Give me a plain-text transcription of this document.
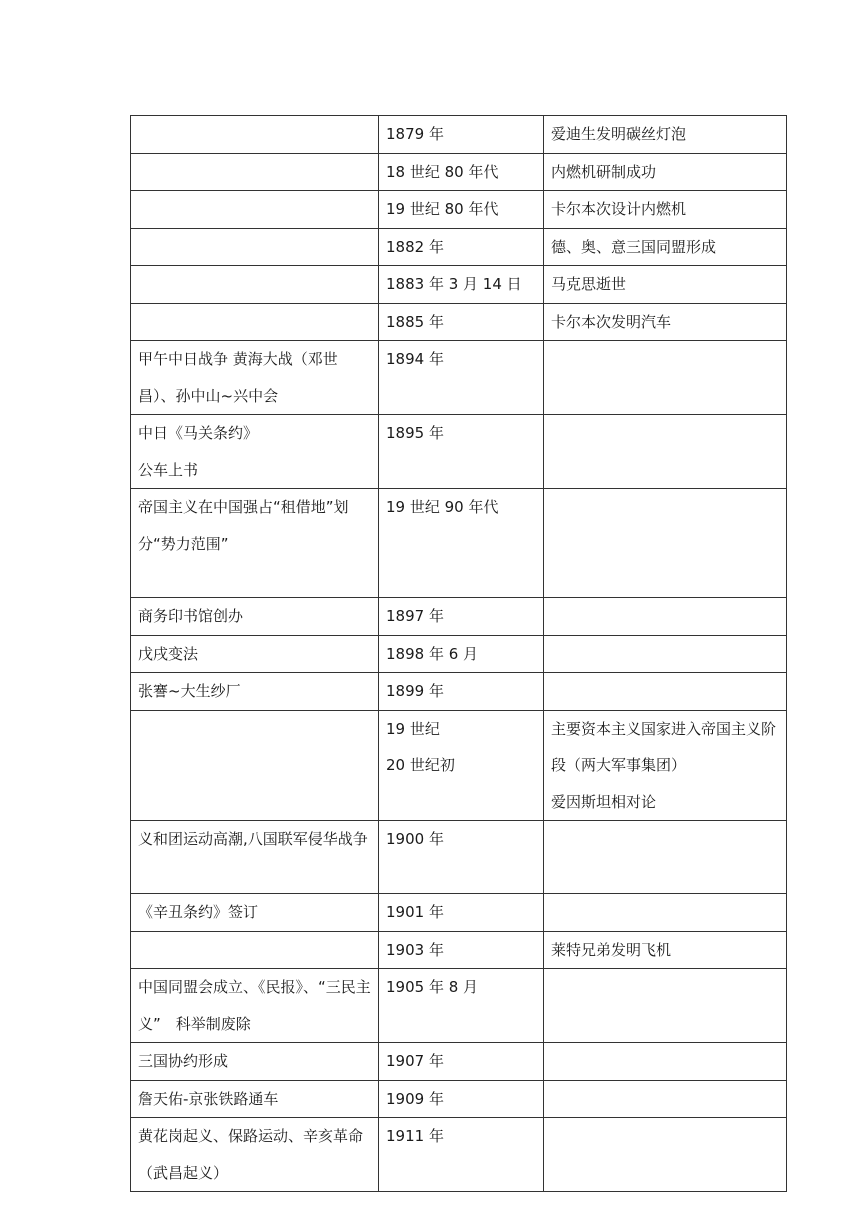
	1879 年	爱迪生发明碳丝灯泡

	18 世纪 80 年代	内燃机研制成功

	19 世纪 80 年代	卡尔本次设计内燃机

	1882 年	德、奥、意三国同盟形成

	1883 年 3 月 14 日	马克思逝世

	1885 年	卡尔本次发明汽车

甲午中日战争 黄海大战（邓世昌）、孙中山~兴中会	1894 年	

中日《马关条约》
公车上书	1895 年	

帝国主义在中国强占“租借地”划分“势力范围”	19 世纪 90 年代	

商务印书馆创办	1897 年	

戊戌变法	1898 年 6 月	

张謇~大生纱厂	1899 年	

	19 世纪
20 世纪初	主要资本主义国家进入帝国主义阶段（两大军事集团）
爱因斯坦相对论

义和团运动高潮,八国联军侵华战争	1900 年	

《辛丑条约》签订	1901 年	

	1903 年	莱特兄弟发明飞机

中国同盟会成立、《民报》、“三民主义”　科举制废除	1905 年 8 月	

三国协约形成	1907 年	

詹天佑-京张铁路通车	1909 年	

黄花岗起义、保路运动、辛亥革命（武昌起义）	1911 年	
